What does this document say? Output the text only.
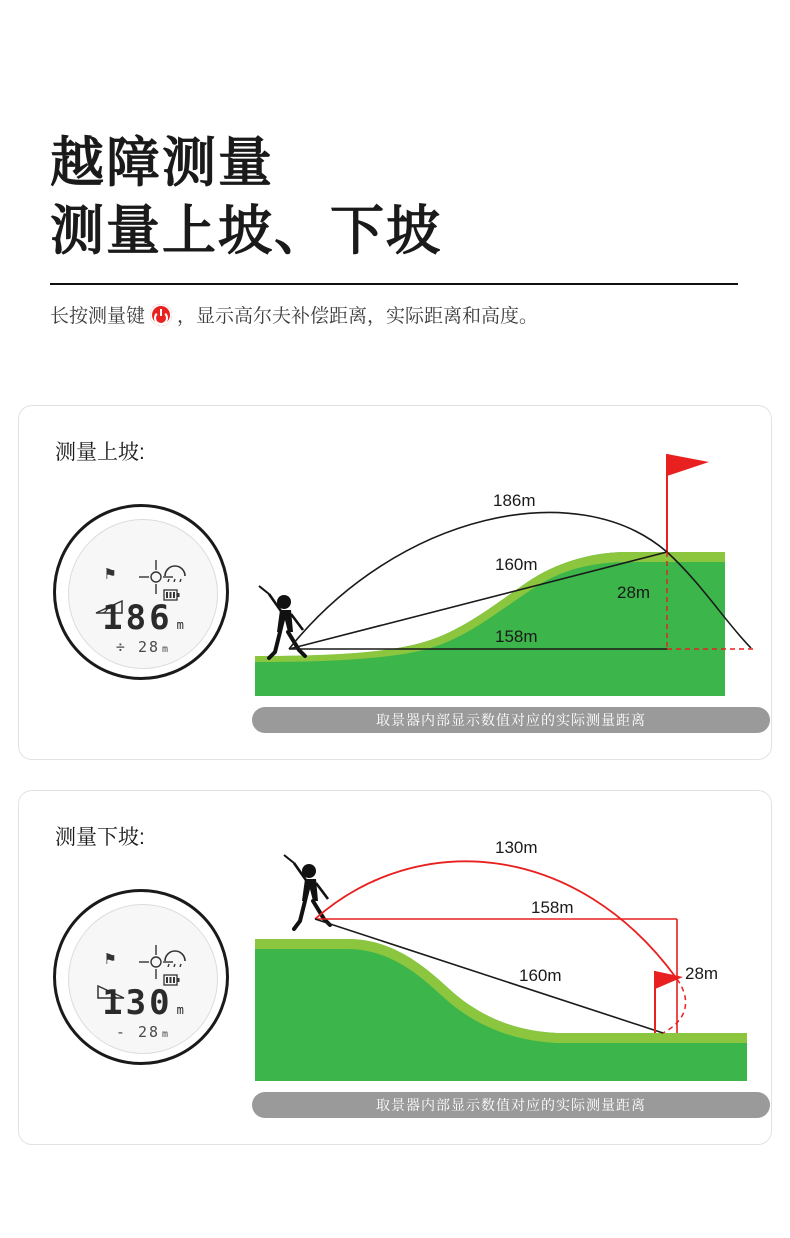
越障测量
测量上坡、下坡
长按测量键 ，显示高尔夫补偿距离，实际距离和高度。
测量上坡:
⚑
186 m
÷ 28 m
186m
160m
158m
28m
取景器内部显示数值对应的实际测量距离
测量下坡:
⚑
130 m
- 28 m
130m
158m
160m	28m
取景器内部显示数值对应的实际测量距离
